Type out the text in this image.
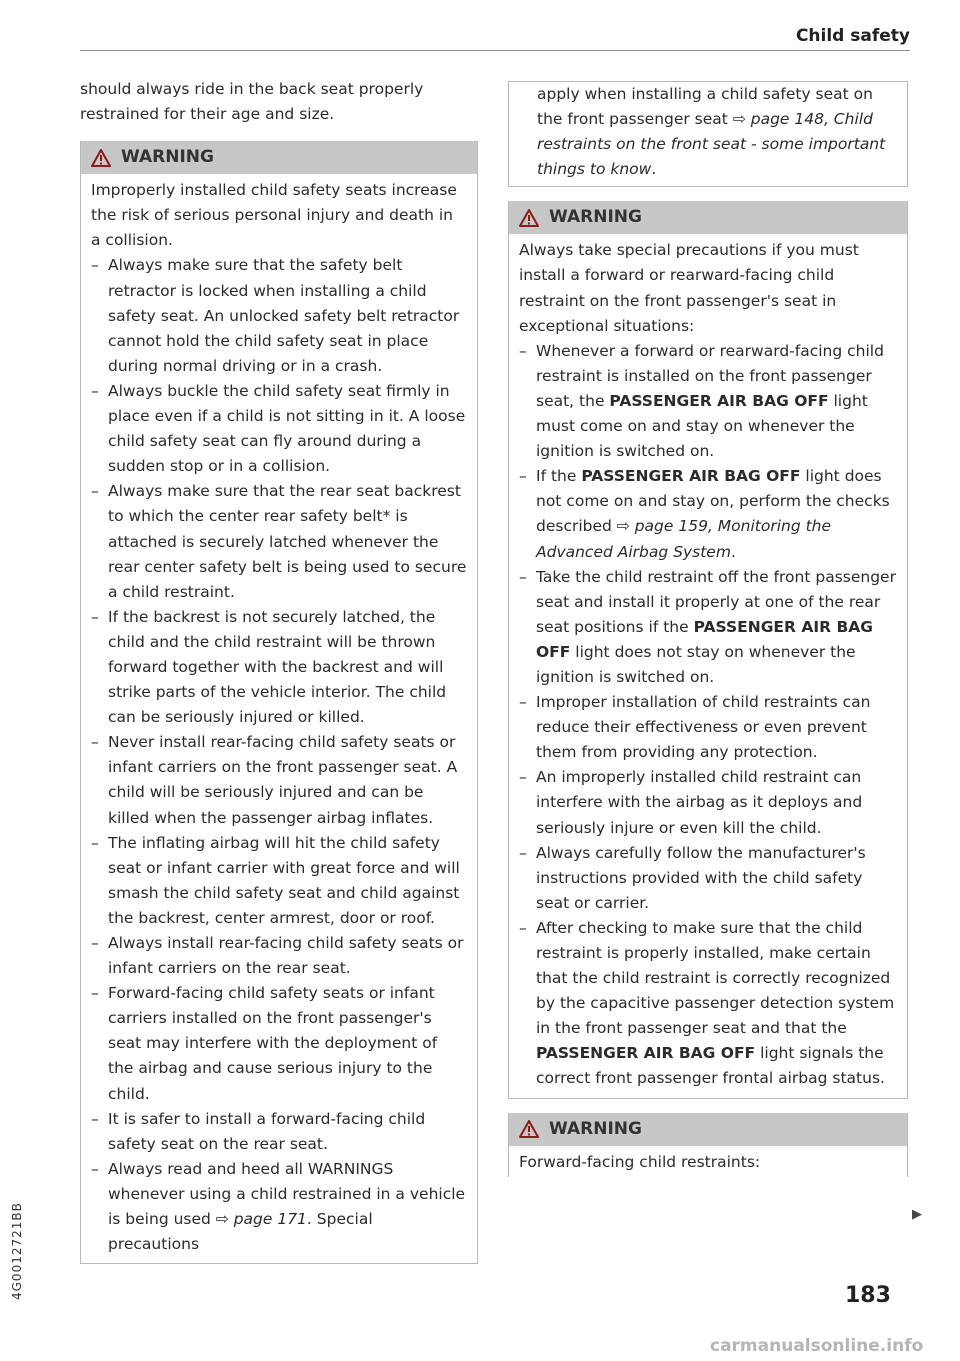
Child safety

should always ride in the back seat properly restrained for their age and size.

WARNING

Improperly installed child safety seats increase the risk of serious personal injury and death in a collision.

– Always make sure that the safety belt retractor is locked when installing a child safety seat. An unlocked safety belt retractor cannot hold the child safety seat in place during normal driving or in a crash.
– Always buckle the child safety seat firmly in place even if a child is not sitting in it. A loose child safety seat can fly around during a sudden stop or in a collision.
– Always make sure that the rear seat backrest to which the center rear safety belt* is attached is securely latched whenever the rear center safety belt is being used to secure a child restraint.
– If the backrest is not securely latched, the child and the child restraint will be thrown forward together with the backrest and will strike parts of the vehicle interior. The child can be seriously injured or killed.
– Never install rear-facing child safety seats or infant carriers on the front passenger seat. A child will be seriously injured and can be killed when the passenger airbag inflates.
– The inflating airbag will hit the child safety seat or infant carrier with great force and will smash the child safety seat and child against the backrest, center armrest, door or roof.
– Always install rear-facing child safety seats or infant carriers on the rear seat.
– Forward-facing child safety seats or infant carriers installed on the front passenger's seat may interfere with the deployment of the airbag and cause serious injury to the child.
– It is safer to install a forward-facing child safety seat on the rear seat.
– Always read and heed all WARNINGS whenever using a child restrained in a vehicle is being used ⇨ page 171. Special precautions

apply when installing a child safety seat on the front passenger seat ⇨ page 148, Child restraints on the front seat - some important things to know.

WARNING

Always take special precautions if you must install a forward or rearward-facing child restraint on the front passenger's seat in exceptional situations:

– Whenever a forward or rearward-facing child restraint is installed on the front passenger seat, the PASSENGER AIR BAG OFF light must come on and stay on whenever the ignition is switched on.
– If the PASSENGER AIR BAG OFF light does not come on and stay on, perform the checks described ⇨ page 159, Monitoring the Advanced Airbag System.
– Take the child restraint off the front passenger seat and install it properly at one of the rear seat positions if the PASSENGER AIR BAG OFF light does not stay on whenever the ignition is switched on.
– Improper installation of child restraints can reduce their effectiveness or even prevent them from providing any protection.
– An improperly installed child restraint can interfere with the airbag as it deploys and seriously injure or even kill the child.
– Always carefully follow the manufacturer's instructions provided with the child safety seat or carrier.
– After checking to make sure that the child restraint is properly installed, make certain that the child restraint is correctly recognized by the capacitive passenger detection system in the front passenger seat and that the PASSENGER AIR BAG OFF light signals the correct front passenger frontal airbag status.
WARNING

Forward-facing child restraints:

▶
4G0012721BB	183
carmanualsonline.info
